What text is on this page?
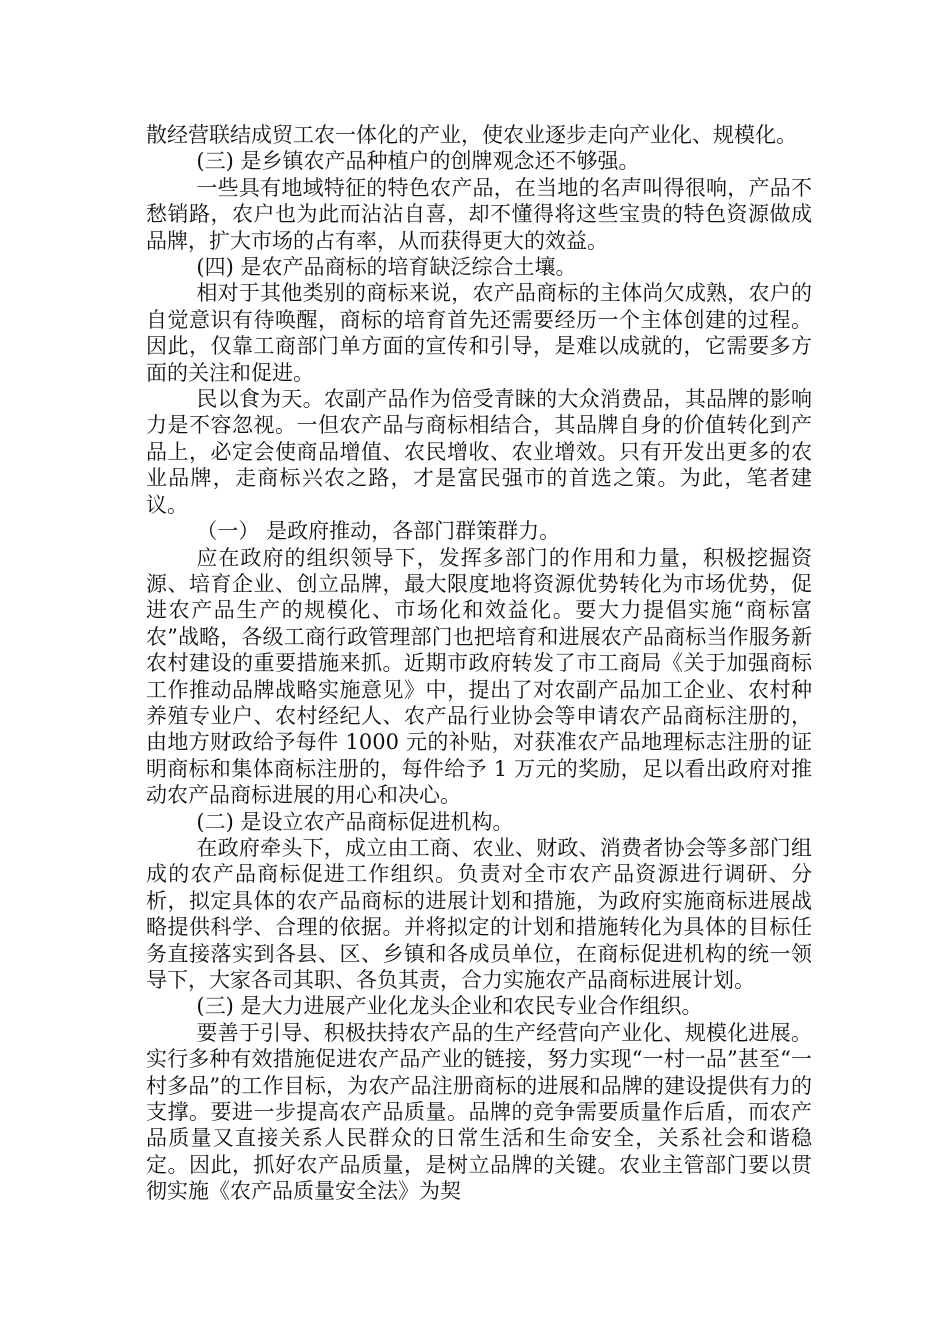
散经营联结成贸工农一体化的产业，使农业逐步走向产业化、规模化。

(三) 是乡镇农产品种植户的创牌观念还不够强。

一些具有地域特征的特色农产品，在当地的名声叫得很响，产品不愁销路，农户也为此而沾沾自喜，却不懂得将这些宝贵的特色资源做成品牌，扩大市场的占有率，从而获得更大的效益。

(四) 是农产品商标的培育缺泛综合土壤。

相对于其他类别的商标来说，农产品商标的主体尚欠成熟，农户的自觉意识有待唤醒，商标的培育首先还需要经历一个主体创建的过程。因此，仅靠工商部门单方面的宣传和引导，是难以成就的，它需要多方面的关注和促进。

民以食为天。农副产品作为倍受青睐的大众消费品，其品牌的影响力是不容忽视。一但农产品与商标相结合，其品牌自身的价值转化到产品上，必定会使商品增值、农民增收、农业增效。只有开发出更多的农业品牌，走商标兴农之路，才是富民强市的首选之策。为此，笔者建议。

（一） 是政府推动，各部门群策群力。

应在政府的组织领导下，发挥多部门的作用和力量，积极挖掘资源、培育企业、创立品牌，最大限度地将资源优势转化为市场优势，促进农产品生产的规模化、市场化和效益化。要大力提倡实施“商标富农”战略，各级工商行政管理部门也把培育和进展农产品商标当作服务新农村建设的重要措施来抓。近期市政府转发了市工商局《关于加强商标工作推动品牌战略实施意见》中，提出了对农副产品加工企业、农村种养殖专业户、农村经纪人、农产品行业协会等申请农产品商标注册的，由地方财政给予每件 1000 元的补贴，对获准农产品地理标志注册的证明商标和集体商标注册的，每件给予 1 万元的奖励，足以看出政府对推动农产品商标进展的用心和决心。

(二) 是设立农产品商标促进机构。

在政府牵头下，成立由工商、农业、财政、消费者协会等多部门组成的农产品商标促进工作组织。负责对全市农产品资源进行调研、分析，拟定具体的农产品商标的进展计划和措施，为政府实施商标进展战略提供科学、合理的依据。并将拟定的计划和措施转化为具体的目标任务直接落实到各县、区、乡镇和各成员单位，在商标促进机构的统一领导下，大家各司其职、各负其责，合力实施农产品商标进展计划。

(三) 是大力进展产业化龙头企业和农民专业合作组织。

要善于引导、积极扶持农产品的生产经营向产业化、规模化进展。实行多种有效措施促进农产品产业的链接，努力实现“一村一品”甚至“一村多品”的工作目标，为农产品注册商标的进展和品牌的建设提供有力的支撑。要进一步提高农产品质量。品牌的竞争需要质量作后盾，而农产品质量又直接关系人民群众的日常生活和生命安全，关系社会和谐稳定。因此，抓好农产品质量，是树立品牌的关键。农业主管部门要以贯彻实施《农产品质量安全法》为契
